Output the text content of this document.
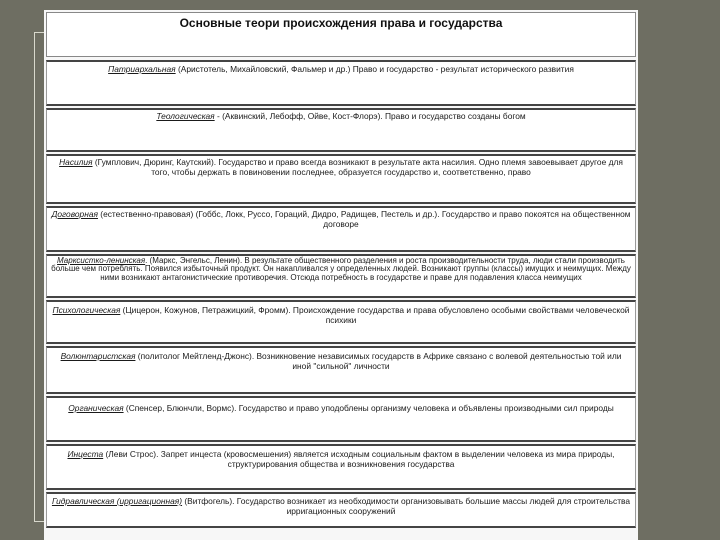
Основные теори происхождения права и государства

Патриархальная (Аристотель, Михайловский, Фальмер и др.) Право и государство - результат исторического развития

Теологическая - (Аквинский, Лебофф, Ойве, Кост-Флорэ). Право и государство созданы богом

Насилия (Гумплович, Дюринг, Каутский). Государство и право всегда возникают в результате акта насилия. Одно племя завоевывает другое для того, чтобы держать в повиновении последнее, образуется государство и, соответственно, право

Договорная (естественно-правовая) (Гоббс, Локк, Руссо, Гораций, Дидро, Радищев, Пестель и др.). Государство и право покоятся на общественном договоре

Марксистко-ленинская. (Маркс, Энгельс, Ленин). В результате общественного разделения и роста производительности труда, люди стали производить больше чем потреблять. Появился избыточный продукт. Он накапливался у определенных людей. Возникают группы (классы) имущих и неимущих. Между ними возникают антагонистические противоречия. Отсюда потребность в государстве и праве для подавления класса неимущих

Психологическая (Цицерон, Кожунов, Петражицкий, Фромм). Происхождение государства и права обусловлено особыми свойствами человеческой психики

Волюнтаристская (политолог Мейтленд-Джонс). Возникновение независимых государств в Африке связано с волевой деятельностью той или иной "сильной" личности

Органическая (Спенсер, Блюнчли, Вормс). Государство и право уподоблены организму человека и объявлены производными сил природы

Инцеста (Леви Строс). Запрет инцеста (кровосмешения) является исходным социальным фактом в выделении человека из мира природы, структурирования общества и возникновения государства

Гидравлическая (ирригационная) (Витфогель). Государство возникает из необходимости организовывать большие массы людей для строительства ирригационных сооружений
